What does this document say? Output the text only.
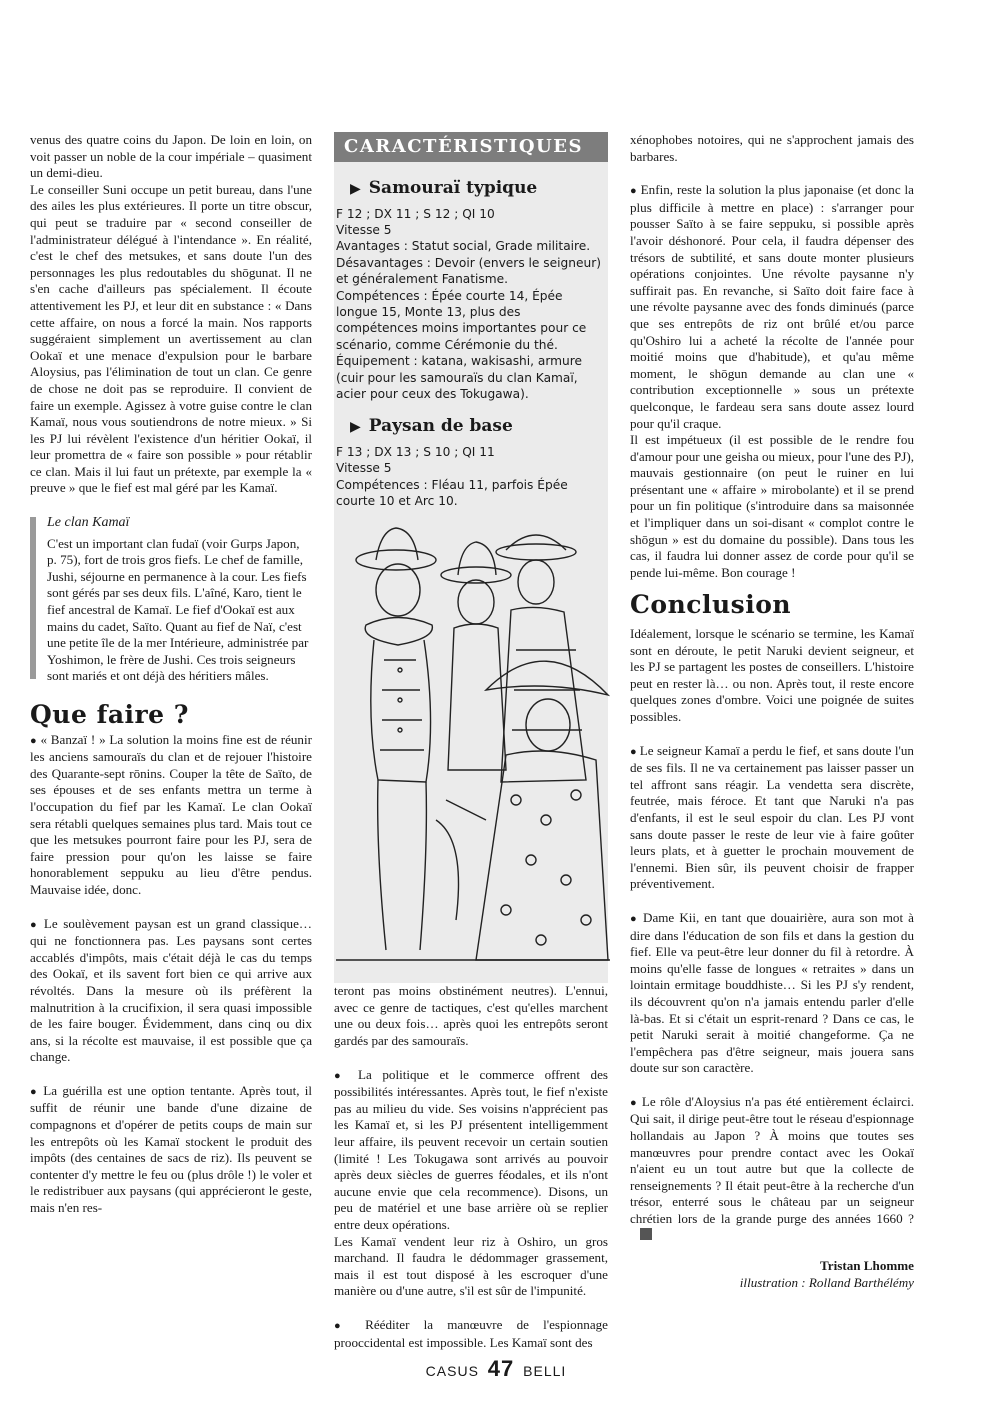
venus des quatre coins du Japon. De loin en loin, on voit passer un noble de la cour impériale – quasiment un demi-dieu.

Le conseiller Suni occupe un petit bureau, dans l'une des ailes les plus extérieures. Il porte un titre obscur, qui peut se traduire par « second conseiller de l'administrateur délégué à l'intendance ». En réalité, c'est le chef des metsukes, et sans doute l'un des personnages les plus redoutables du shōgunat. Il ne s'en cache d'ailleurs pas spécialement. Il écoute attentivement les PJ, et leur dit en substance : « Dans cette affaire, on nous a forcé la main. Nos rapports suggéraient simplement un avertissement au clan Ookaï et une menace d'expulsion pour le barbare Aloysius, pas l'élimination de tout un clan. Ce genre de chose ne doit pas se reproduire. Il convient de faire un exemple. Agissez à votre guise contre le clan Kamaï, nous vous soutiendrons de notre mieux. » Si les PJ lui révèlent l'existence d'un héritier Ookaï, il leur promettra de « faire son possible » pour rétablir ce clan. Mais il lui faut un prétexte, par exemple la « preuve » que le fief est mal géré par les Kamaï.

Le clan Kamaï

C'est un important clan fudaï (voir Gurps Japon, p. 75), fort de trois gros fiefs. Le chef de famille, Jushi, séjourne en permanence à la cour. Les fiefs sont gérés par ses deux fils. L'aîné, Karo, tient le fief ancestral de Kamaï. Le fief d'Ookaï est aux mains du cadet, Saïto. Quant au fief de Naï, c'est une petite île de la mer Intérieure, administrée par Yoshimon, le frère de Jushi. Ces trois seigneurs sont mariés et ont déjà des héritiers mâles.

Que faire ?

● « Banzaï ! » La solution la moins fine est de réunir les anciens samouraïs du clan et de rejouer l'histoire des Quarante-sept rōnins. Couper la tête de Saïto, de ses épouses et de ses enfants mettra un terme à l'occupation du fief par les Kamaï. Le clan Ookaï sera rétabli quelques semaines plus tard. Mais tout ce que les metsukes pourront faire pour les PJ, sera de faire pression pour qu'on les laisse se faire honorablement seppuku au lieu d'être pendus. Mauvaise idée, donc.

● Le soulèvement paysan est un grand classique… qui ne fonctionnera pas. Les paysans sont certes accablés d'impôts, mais c'était déjà le cas du temps des Ookaï, et ils savent fort bien ce qui arrive aux révoltés. Dans la mesure où ils préfèrent la malnutrition à la crucifixion, il sera quasi impossible de les faire bouger. Évidemment, dans cinq ou dix ans, si la récolte est mauvaise, il est possible que ça change.

● La guérilla est une option tentante. Après tout, il suffit de réunir une bande d'une dizaine de compagnons et d'opérer de petits coups de main sur les entrepôts où les Kamaï stockent le produit des impôts (des centaines de sacs de riz). Ils peuvent se contenter d'y mettre le feu ou (plus drôle !) le voler et le redistribuer aux paysans (qui apprécieront le geste, mais n'en res-

CARACTÉRISTIQUES
▶ Samouraï typique
F 12 ; DX 11 ; S 12 ; QI 10
Vitesse 5
Avantages : Statut social, Grade militaire.
Désavantages : Devoir (envers le seigneur) et généralement Fanatisme.
Compétences : Épée courte 14, Épée longue 15, Monte 13, plus des compétences moins importantes pour ce scénario, comme Cérémonie du thé.
Équipement : katana, wakisashi, armure (cuir pour les samouraïs du clan Kamaï, acier pour ceux des Tokugawa).
▶ Paysan de base
F 13 ; DX 13 ; S 10 ; QI 11
Vitesse 5
Compétences : Fléau 11, parfois Épée courte 10 et Arc 10.

teront pas moins obstinément neutres). L'ennui, avec ce genre de tactiques, c'est qu'elles marchent une ou deux fois… après quoi les entrepôts seront gardés par des samouraïs.

● La politique et le commerce offrent des possibilités intéressantes. Après tout, le fief n'existe pas au milieu du vide. Ses voisins n'apprécient pas les Kamaï et, si les PJ présentent intelligemment leur affaire, ils peuvent recevoir un certain soutien (limité ! Les Tokugawa sont arrivés au pouvoir après deux siècles de guerres féodales, et ils n'ont aucune envie que cela recommence). Disons, un peu de matériel et une base arrière où se replier entre deux opérations.

Les Kamaï vendent leur riz à Oshiro, un gros marchand. Il faudra le dédommager grassement, mais il est tout disposé à les escroquer d'une manière ou d'une autre, s'il est sûr de l'impunité.

● Rééditer la manœuvre de l'espionnage prooccidental est impossible. Les Kamaï sont des

xénophobes notoires, qui ne s'approchent jamais des barbares.

● Enfin, reste la solution la plus japonaise (et donc la plus difficile à mettre en place) : s'arranger pour pousser Saïto à se faire seppuku, si possible après l'avoir déshonoré. Pour cela, il faudra dépenser des trésors de subtilité, et sans doute monter plusieurs opérations conjointes. Une révolte paysanne n'y suffirait pas. En revanche, si Saïto doit faire face à une révolte paysanne avec des fonds diminués (parce que ses entrepôts de riz ont brûlé et/ou parce qu'Oshiro lui a acheté la récolte de l'année pour moitié moins que d'habitude), et qu'au même moment, le shōgun demande au clan une « contribution exceptionnelle » sous un prétexte quelconque, le fardeau sera sans doute assez lourd pour qu'il craque.

Il est impétueux (il est possible de le rendre fou d'amour pour une geisha ou mieux, pour l'une des PJ), mauvais gestionnaire (on peut le ruiner en lui présentant une « affaire » mirobolante) et il se prend pour un fin politique (s'introduire dans sa maisonnée et l'impliquer dans un soi-disant « complot contre le shōgun » est du domaine du possible). Dans tous les cas, il faudra lui donner assez de corde pour qu'il se pende lui-même. Bon courage !

Conclusion

Idéalement, lorsque le scénario se termine, les Kamaï sont en déroute, le petit Naruki devient seigneur, et les PJ se partagent les postes de conseillers. L'histoire peut en rester là… ou non. Après tout, il reste encore quelques zones d'ombre. Voici une poignée de suites possibles.

● Le seigneur Kamaï a perdu le fief, et sans doute l'un de ses fils. Il ne va certainement pas laisser passer un tel affront sans réagir. La vendetta sera discrète, feutrée, mais féroce. Et tant que Naruki n'a pas d'enfants, il est le seul espoir du clan. Les PJ vont sans doute passer le reste de leur vie à faire goûter leurs plats, et à guetter le prochain mouvement de l'ennemi. Bien sûr, ils peuvent choisir de frapper préventivement.

● Dame Kii, en tant que douairière, aura son mot à dire dans l'éducation de son fils et dans la gestion du fief. Elle va peut-être leur donner du fil à retordre. À moins qu'elle fasse de longues « retraites » dans un lointain ermitage bouddhiste… Si les PJ s'y rendent, ils découvrent qu'on n'a jamais entendu parler d'elle là-bas. Et si c'était un esprit-renard ? Dans ce cas, le petit Naruki serait à moitié changeforme. Ça ne l'empêchera pas d'être seigneur, mais jouera sans doute sur son caractère.

● Le rôle d'Aloysius n'a pas été entièrement éclairci. Qui sait, il dirige peut-être tout le réseau d'espionnage hollandais au Japon ? À moins que toutes ses manœuvres pour prendre contact avec les Ookaï n'aient eu un tout autre but que la collecte de renseignements ? Il était peut-être à la recherche d'un trésor, enterré sous le château par un seigneur chrétien lors de la grande purge des années 1660 ?

Tristan Lhomme
illustration : Rolland Barthélémy
CASUS 47 BELLI
